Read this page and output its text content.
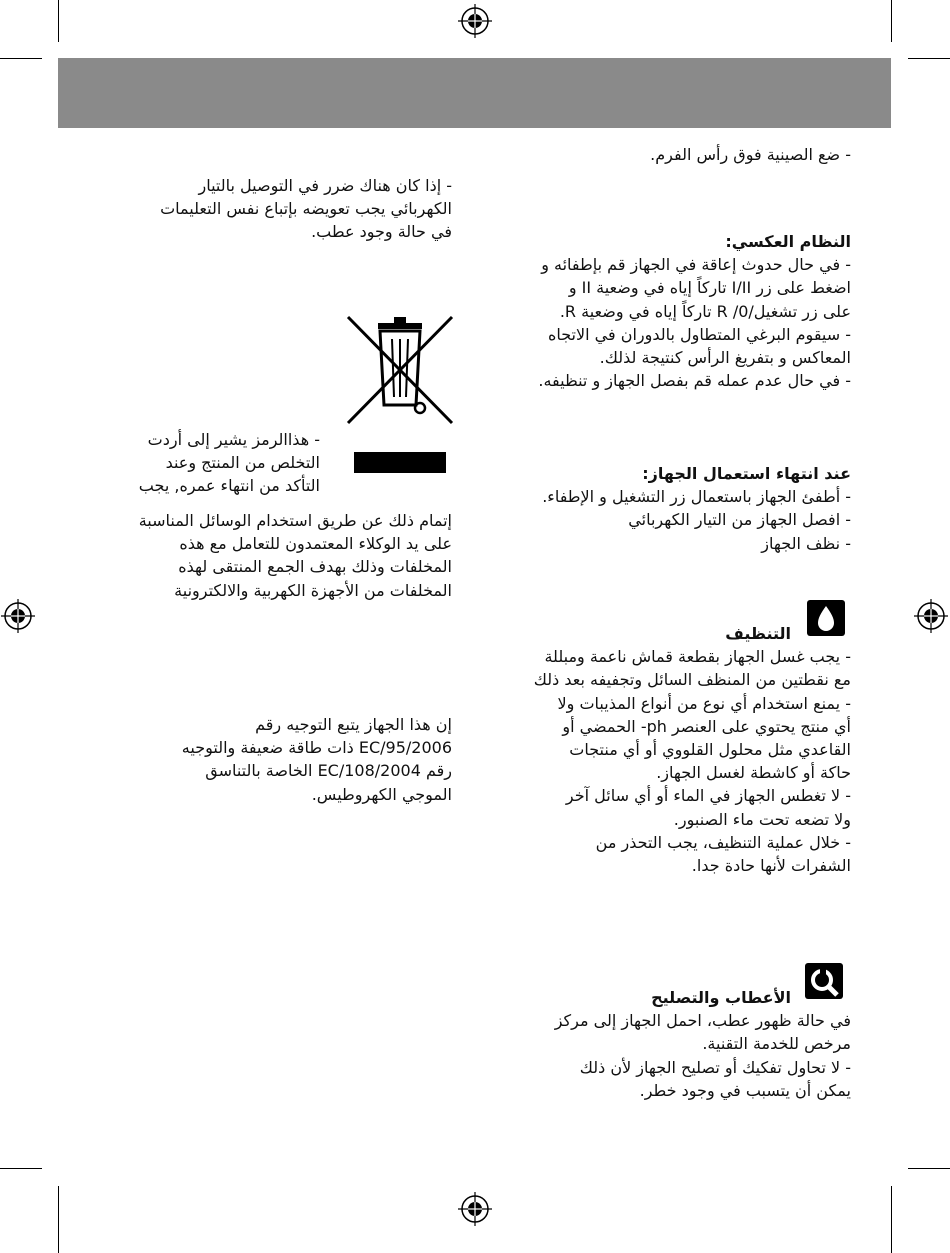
- ضع الصينية فوق رأس الفرم.

النظام العكسي:

- في حال حدوث إعاقة في الجهاز قم بإطفائه و
اضغط على زر I/II تاركاً إياه في وضعية II و
على زر تشغيل/0/ R تاركاً إياه في وضعية R.
- سيقوم البرغي المتطاول بالدوران في الاتجاه
المعاكس و بتفريغ الرأس كنتيجة لذلك.
- في حال عدم عمله قم بفصل الجهاز و تنظيفه.

عند انتهاء استعمال الجهاز:

- أطفئ الجهاز باستعمال زر التشغيل و الإطفاء.
- افصل الجهاز من التيار الكهربائي
- نظف الجهاز

التنظيف

- يجب غسل الجهاز بقطعة قماش ناعمة ومبللة
مع نقطتين من المنظف السائل وتجفيفه بعد ذلك
- يمنع استخدام أي نوع من أنواع المذيبات ولا
أي منتج يحتوي على العنصر ph- الحمضي أو
القاعدي مثل محلول القلووي أو أي منتجات
حاكة أو كاشطة لغسل الجهاز.
- لا تغطس الجهاز في الماء أو أي سائل آخر
ولا تضعه تحت ماء الصنبور.
- خلال عملية التنظيف، يجب التحذر من
الشفرات لأنها حادة جدا.

الأعطاب والتصليح

في حالة ظهور عطب، احمل الجهاز إلى مركز
مرخص للخدمة التقنية.
- لا تحاول تفكيك أو تصليح الجهاز لأن ذلك
يمكن أن يتسبب في وجود خطر.

- إذا كان هناك ضرر في التوصيل بالتيار
الكهربائي يجب تعويضه بإتباع نفس التعليمات
في حالة وجود عطب.

- هذاالرمز يشير إلى أردت
التخلص من المنتج وعند
التأكد من انتهاء عمره, يجب

إتمام ذلك عن طريق استخدام الوسائل المناسبة
على يد الوكلاء المعتمدون للتعامل مع هذه
المخلفات وذلك بهدف الجمع المنتقى لهذه
المخلفات من الأجهزة الكهربية والالكترونية

إن هذا الجهاز يتبع التوجيه رقم
EC/95/2006 ذات طاقة ضعيفة والتوجيه
رقم EC/108/2004 الخاصة بالتناسق
الموجي الكهروطيس.
